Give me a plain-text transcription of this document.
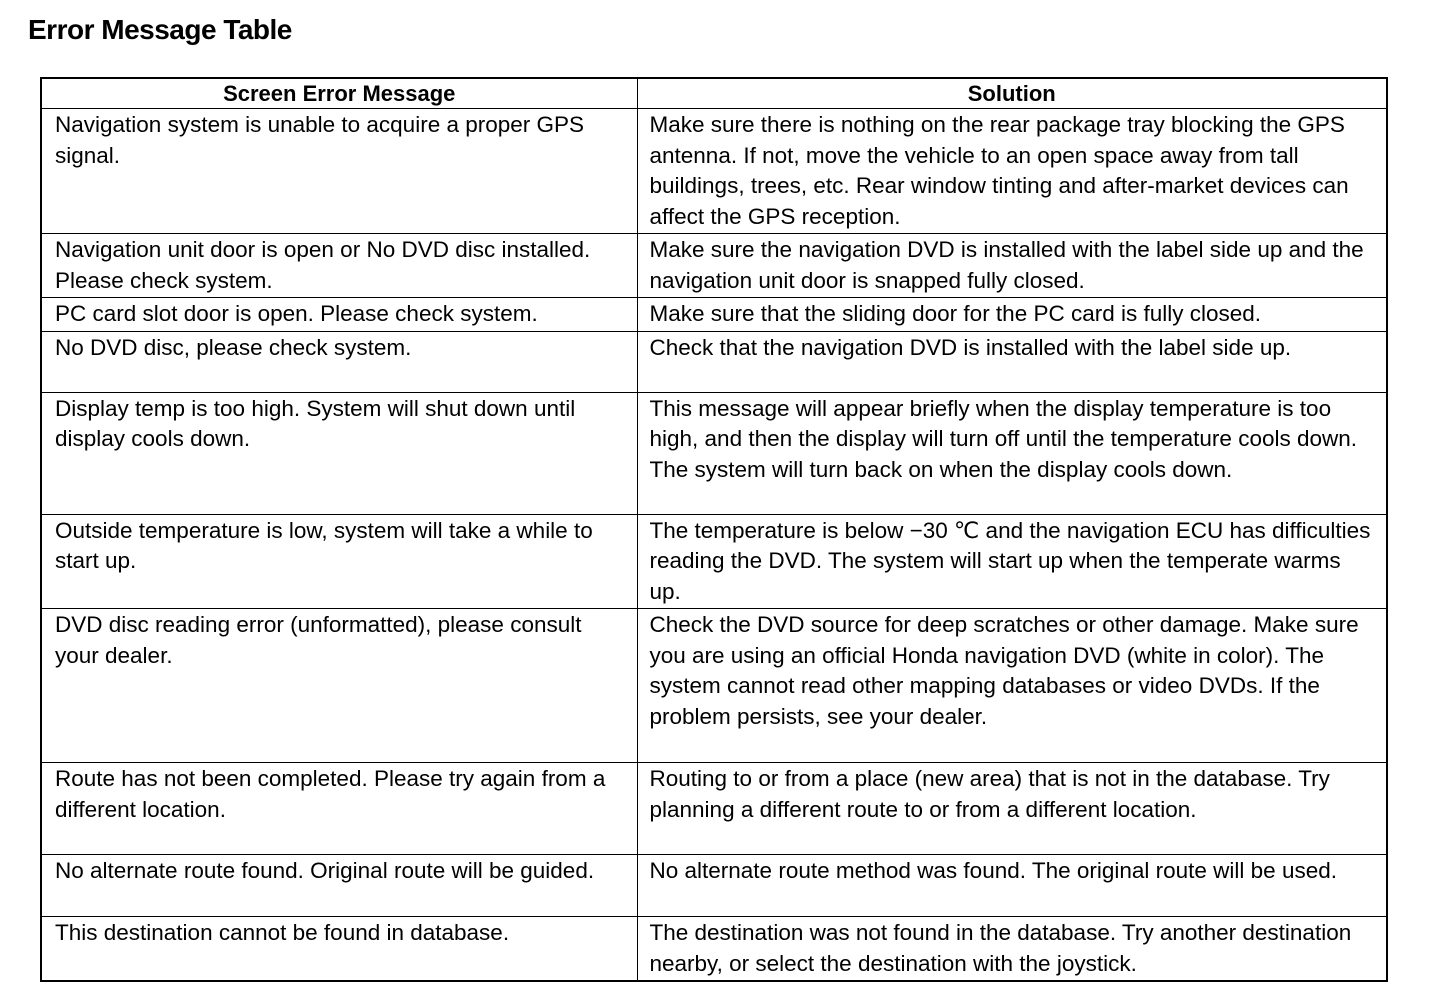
Error Message Table
Screen Error Message	Solution
Navigation system is unable to acquire a proper GPS signal.	Make sure there is nothing on the rear package tray blocking the GPS antenna. If not, move the vehicle to an open space away from tall buildings, trees, etc. Rear window tinting and after-market devices can affect the GPS reception.
Navigation unit door is open or No DVD disc installed. Please check system.	Make sure the navigation DVD is installed with the label side up and the navigation unit door is snapped fully closed.
PC card slot door is open. Please check system.	Make sure that the sliding door for the PC card is fully closed.
No DVD disc, please check system.	Check that the navigation DVD is installed with the label side up.
Display temp is too high. System will shut down until display cools down.	This message will appear briefly when the display temperature is too high, and then the display will turn off until the temperature cools down. The system will turn back on when the display cools down.
Outside temperature is low, system will take a while to start up.	The temperature is below −30 ℃ and the navigation ECU has difficulties reading the DVD. The system will start up when the temperate warms up.
DVD disc reading error (unformatted), please consult your dealer.	Check the DVD source for deep scratches or other damage. Make sure you are using an official Honda navigation DVD (white in color). The system cannot read other mapping databases or video DVDs. If the problem persists, see your dealer.
Route has not been completed. Please try again from a different location.	Routing to or from a place (new area) that is not in the database. Try planning a different route to or from a different location.
No alternate route found. Original route will be guided.	No alternate route method was found. The original route will be used.
This destination cannot be found in database.	The destination was not found in the database. Try another destination nearby, or select the destination with the joystick.
